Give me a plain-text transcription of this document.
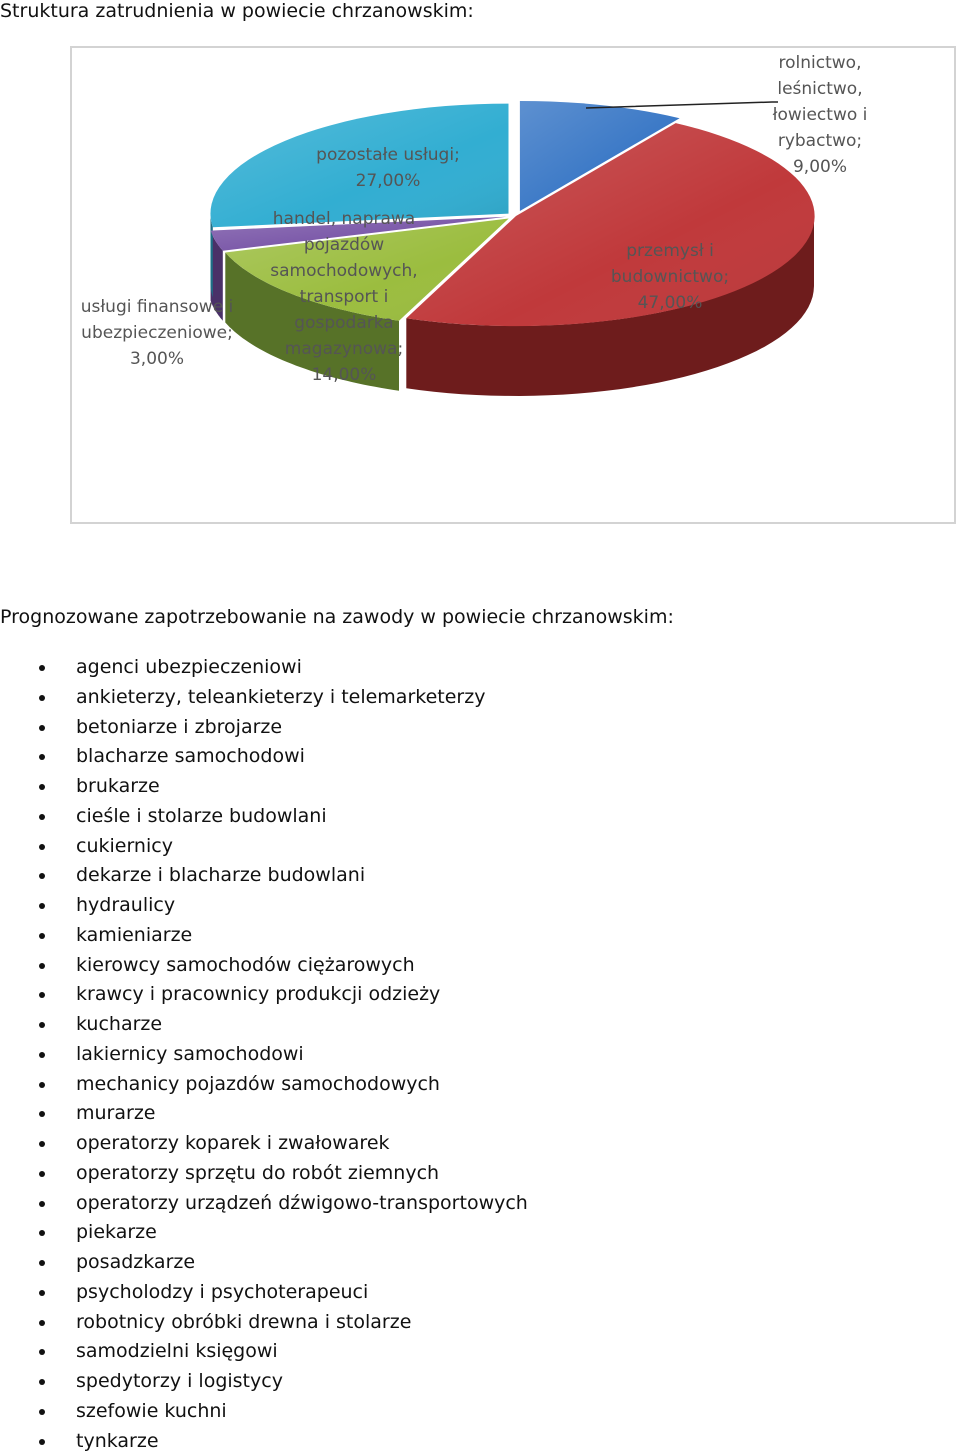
Struktura zatrudnienia w powiecie chrzanowskim:
rolnictwo, leśnictwo, łowiectwo i rybactwo; 9,00%
przemysł i budownictwo; 47,00%
handel, naprawa pojazdów samochodowych, transport i gospodarka magazynowa; 14,00%
usługi finansowe i ubezpieczeniowe; 3,00%
pozostałe usługi; 27,00%
Prognozowane zapotrzebowanie na zawody w powiecie chrzanowskim:
agenci ubezpieczeniowi
ankieterzy, teleankieterzy i telemarketerzy
betoniarze i zbrojarze
blacharze samochodowi
brukarze
cieśle i stolarze budowlani
cukiernicy
dekarze i blacharze budowlani
hydraulicy
kamieniarze
kierowcy samochodów ciężarowych
krawcy i pracownicy produkcji odzieży
kucharze
lakiernicy samochodowi
mechanicy pojazdów samochodowych
murarze
operatorzy koparek i zwałowarek
operatorzy sprzętu do robót ziemnych
operatorzy urządzeń dźwigowo-transportowych
piekarze
posadzkarze
psycholodzy i psychoterapeuci
robotnicy obróbki drewna i stolarze
samodzielni księgowi
spedytorzy i logistycy
szefowie kuchni
tynkarze
